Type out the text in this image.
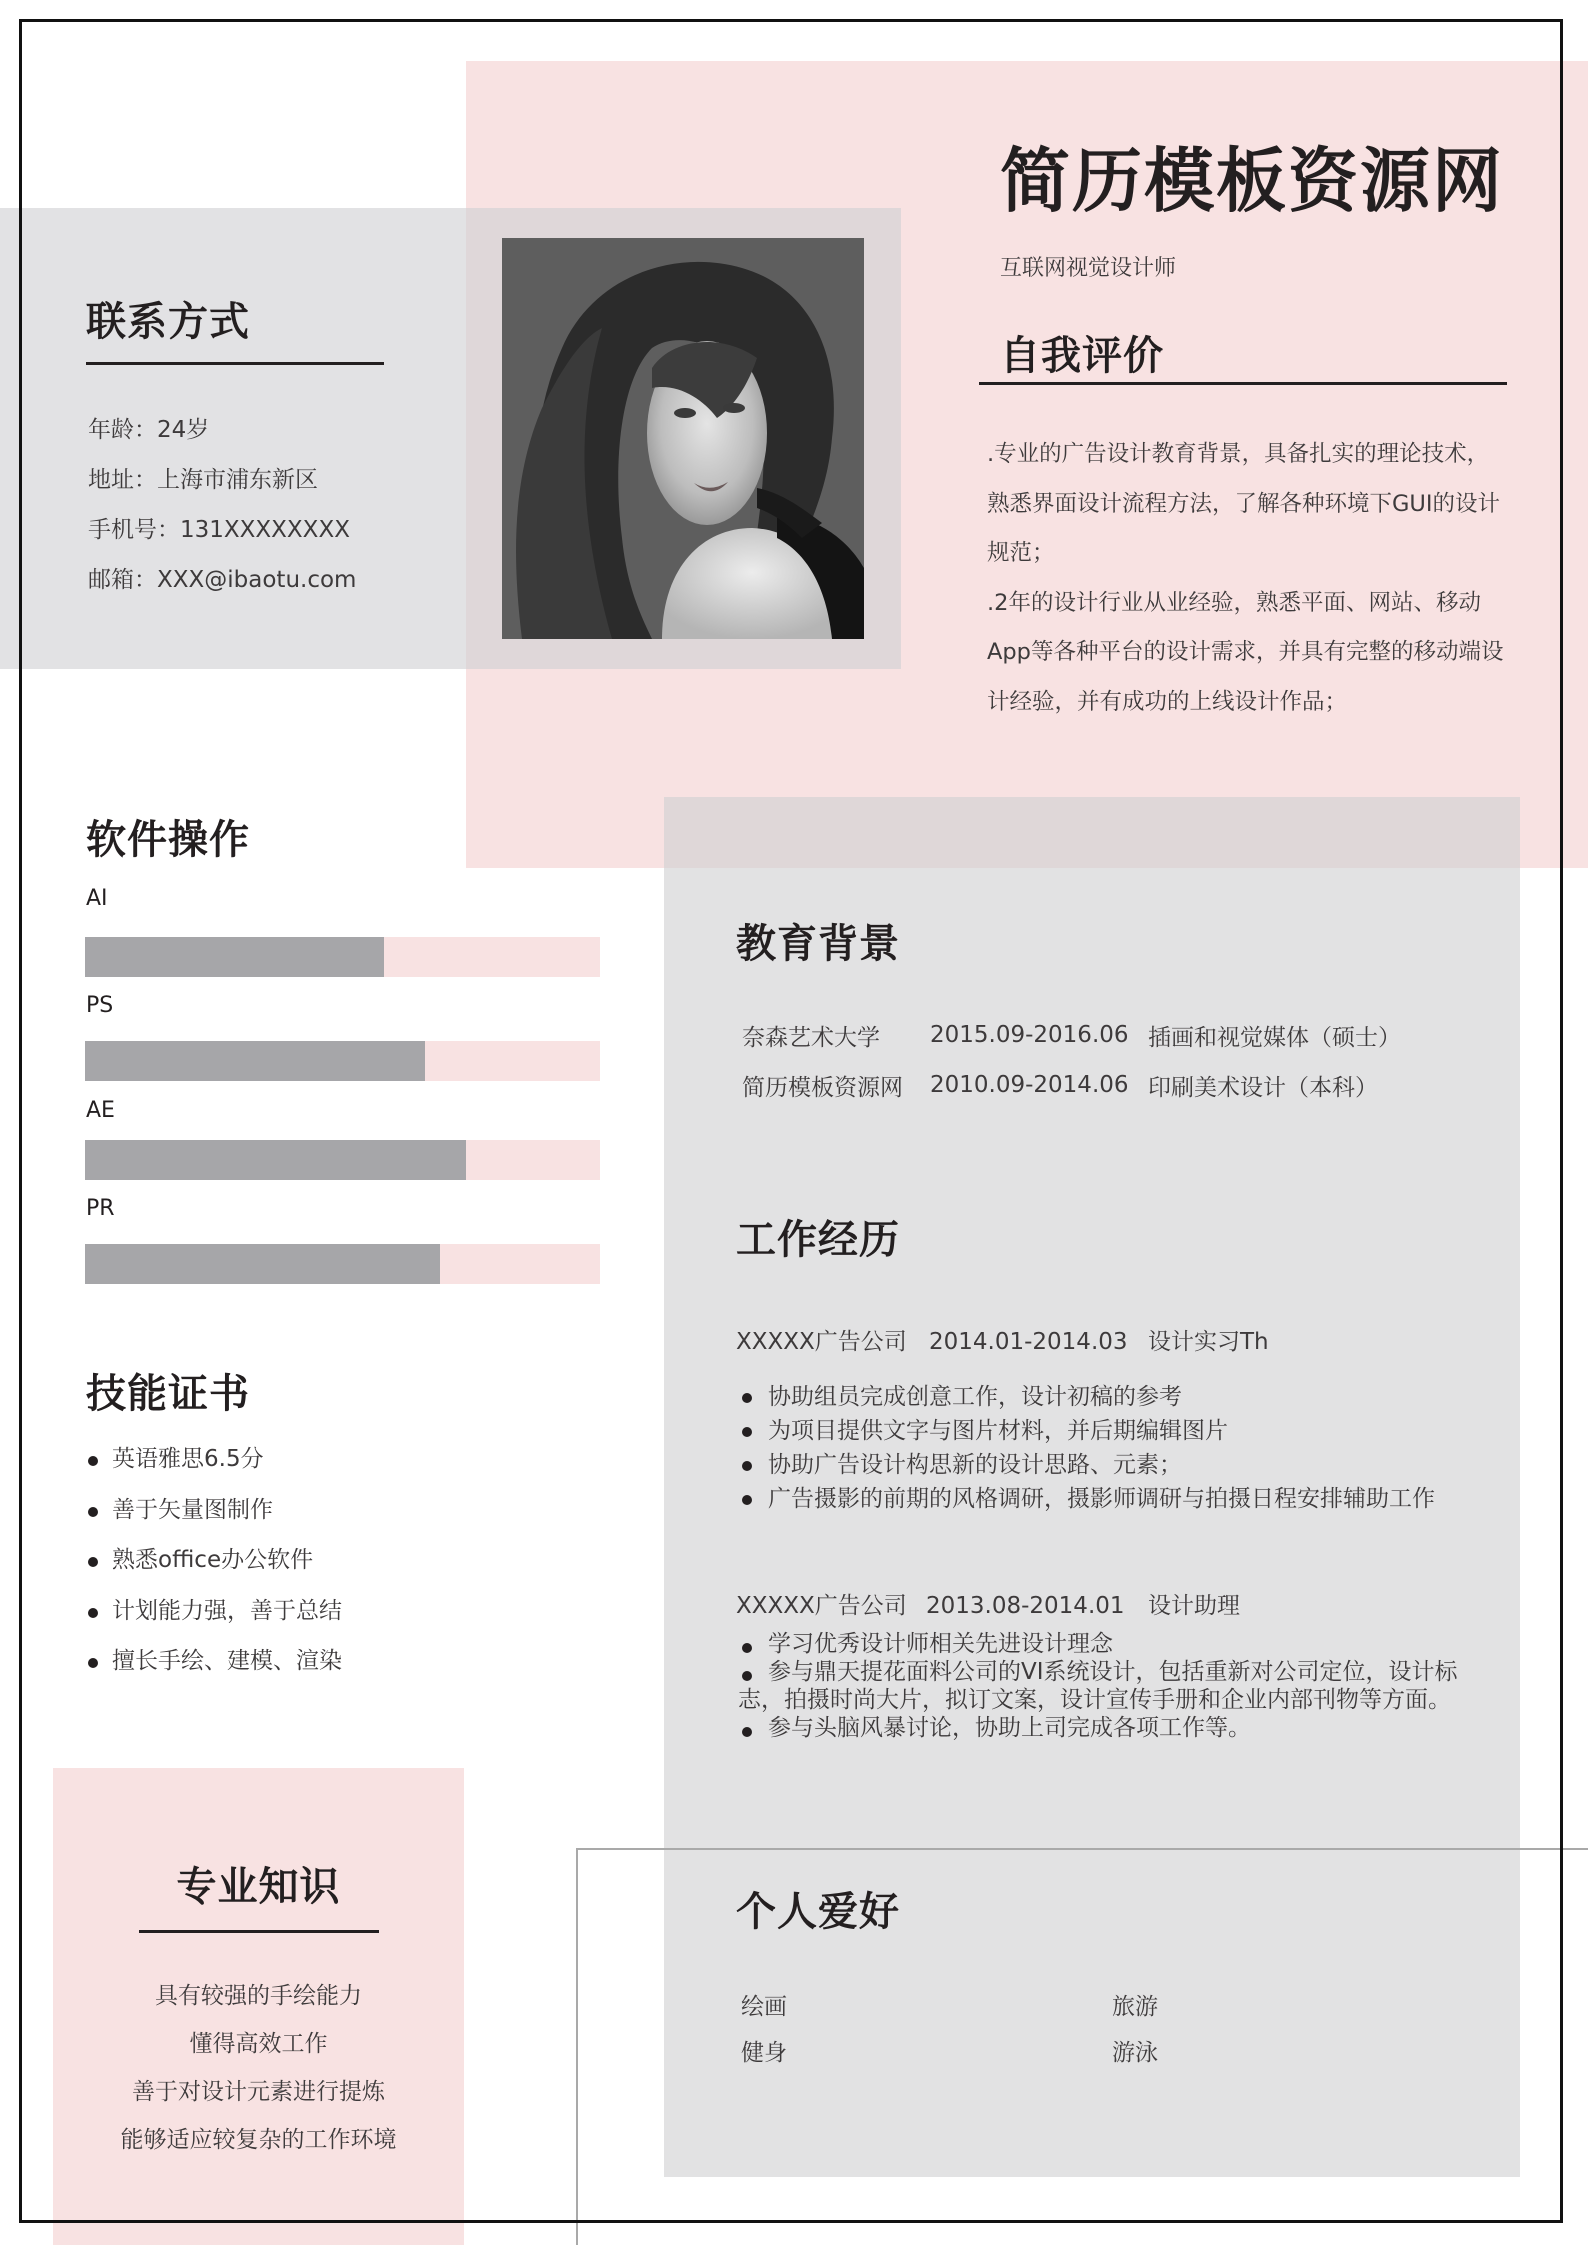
联系方式
年龄：24岁
地址：上海市浦东新区
手机号：131XXXXXXXX
邮箱：XXX@ibaotu.com
简历模板资源网
互联网视觉设计师
自我评价

.专业的广告设计教育背景，具备扎实的理论技术，熟悉界面设计流程方法，了解各种环境下GUI的设计规范；

.2年的设计行业从业经验，熟悉平面、网站、移动App等各种平台的设计需求，并具有完整的移动端设计经验，并有成功的上线设计作品；

软件操作
AI
PS
AE
PR
技能证书
英语雅思6.5分
善于矢量图制作
熟悉office办公软件
计划能力强，善于总结
擅长手绘、建模、渲染
专业知识
具有较强的手绘能力
懂得高效工作
善于对设计元素进行提炼
能够适应较复杂的工作环境
教育背景
奈森艺术大学	2015.09-2016.06	插画和视觉媒体（硕士）
简历模板资源网	2010.09-2014.06	印刷美术设计（本科）
工作经历
XXXXX广告公司 2014.01-2014.03 设计实习Th
协助组员完成创意工作，设计初稿的参考
为项目提供文字与图片材料，并后期编辑图片
协助广告设计构思新的设计思路、元素；
广告摄影的前期的风格调研，摄影师调研与拍摄日程安排辅助工作
XXXXX广告公司 2013.08-2014.01 设计助理
学习优秀设计师相关先进设计理念
参与鼎天提花面料公司的VI系统设计，包括重新对公司定位，设计标志，拍摄时尚大片，拟订文案，设计宣传手册和企业内部刊物等方面。
参与头脑风暴讨论，协助上司完成各项工作等。
个人爱好
绘画	旅游
健身	游泳
